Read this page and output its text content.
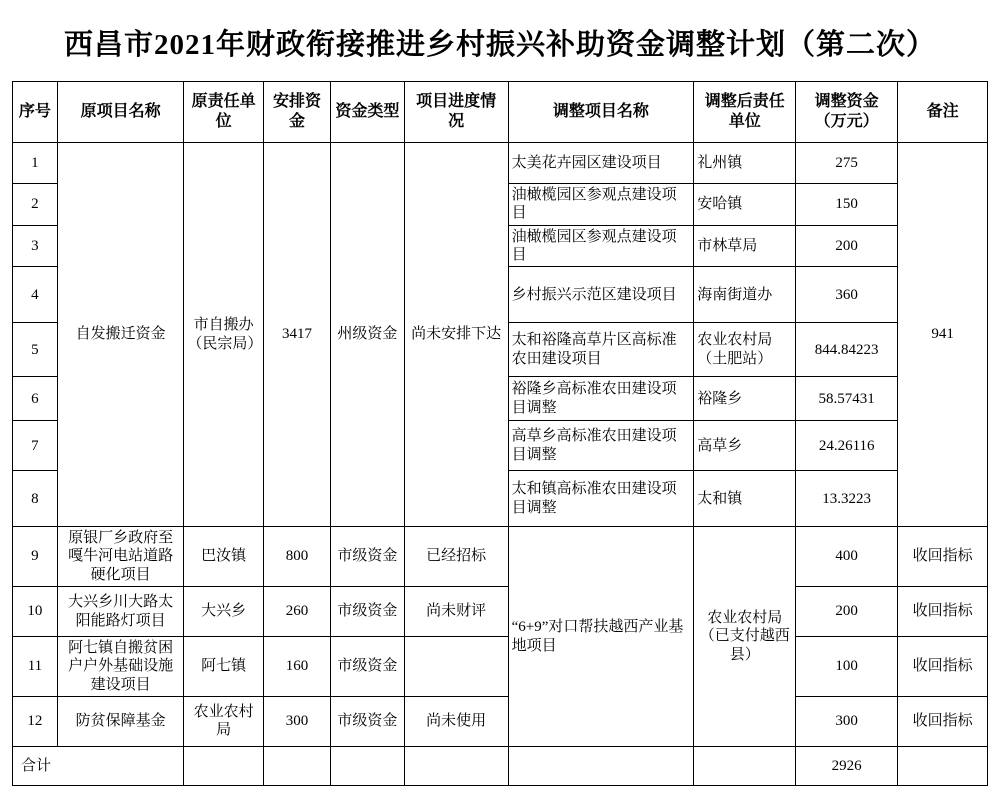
西昌市2021年财政衔接推进乡村振兴补助资金调整计划（第二次）
序号	原项目名称	原责任单位	安排资金	资金类型	项目进度情况	调整项目名称	调整后责任单位	调整资金（万元）	备注
1	自发搬迁资金	市自搬办（民宗局）	3417	州级资金	尚未安排下达	太美花卉园区建设项目	礼州镇	275	941
2						油橄榄园区参观点建设项目	安哈镇	150	
3						油橄榄园区参观点建设项目	市林草局	200	
4						乡村振兴示范区建设项目	海南街道办	360	
5						太和裕隆高草片区高标准农田建设项目	农业农村局（土肥站）	844.84223	
6						裕隆乡高标准农田建设项目调整	裕隆乡	58.57431	
7						高草乡高标准农田建设项目调整	高草乡	24.26116	
8						太和镇高标准农田建设项目调整	太和镇	13.3223	
9	原银厂乡政府至嘎牛河电站道路硬化项目	巴汝镇	800	市级资金	已经招标	“6+9”对口帮扶越西产业基地项目	农业农村局（已支付越西县）	400	收回指标
10	大兴乡川大路太阳能路灯项目	大兴乡	260	市级资金	尚未财评			200	收回指标
11	阿七镇自搬贫困户户外基础设施建设项目	阿七镇	160	市级资金				100	收回指标
12	防贫保障基金	农业农村局	300	市级资金	尚未使用			300	收回指标
合计								2926	
